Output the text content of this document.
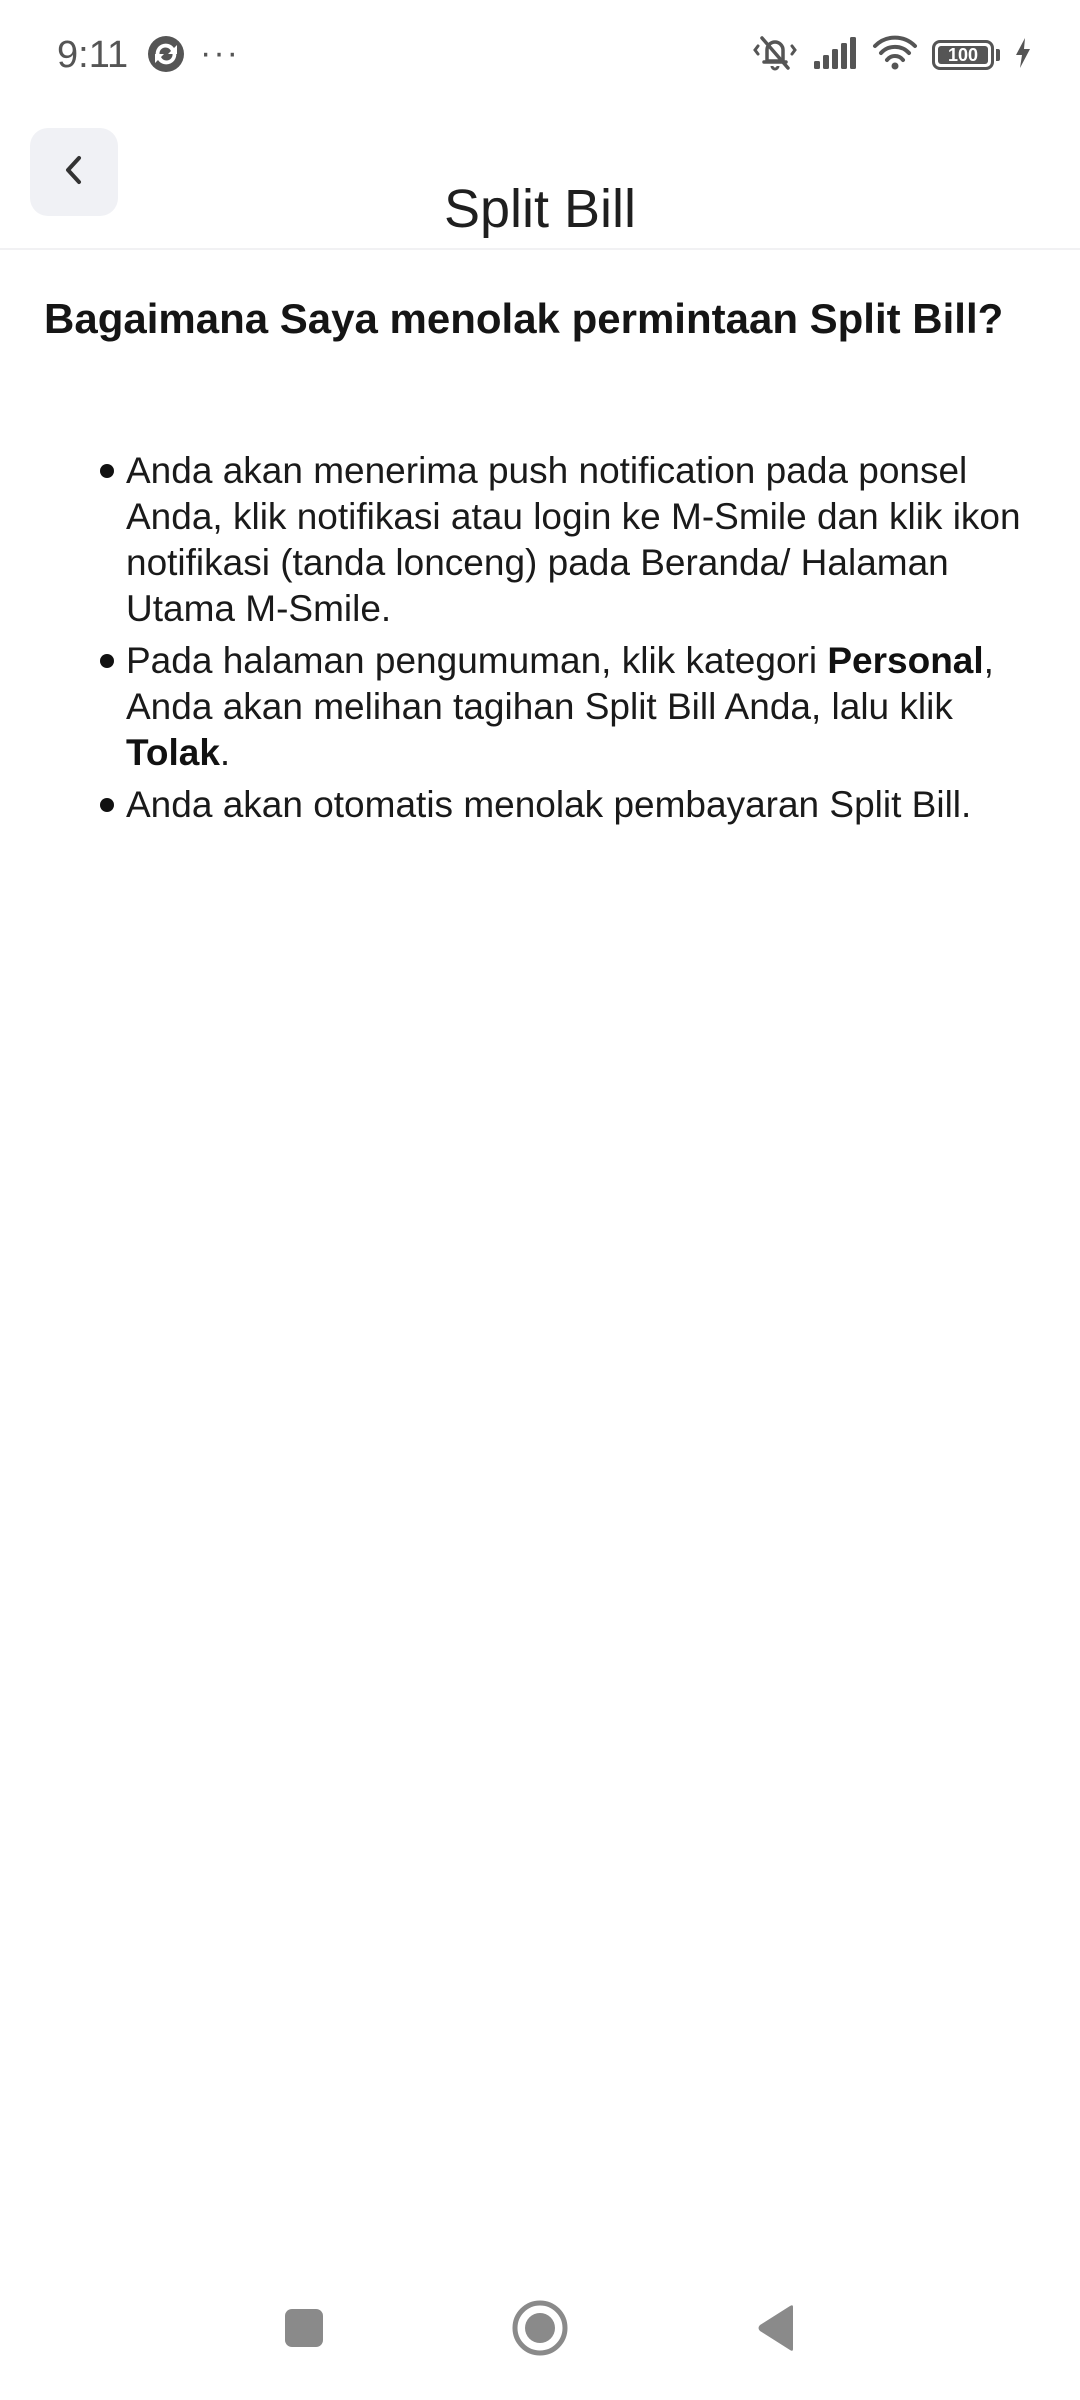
9:11 ···	100
Split Bill
Bagaimana Saya menolak permintaan Split Bill?
Anda akan menerima push notification pada ponsel Anda, klik notifikasi atau login ke M-Smile dan klik ikon notifikasi (tanda lonceng) pada Beranda/ Halaman Utama M-Smile.
Pada halaman pengumuman, klik kategori Personal, Anda akan melihan tagihan Split Bill Anda, lalu klik Tolak.
Anda akan otomatis menolak pembayaran Split Bill.
